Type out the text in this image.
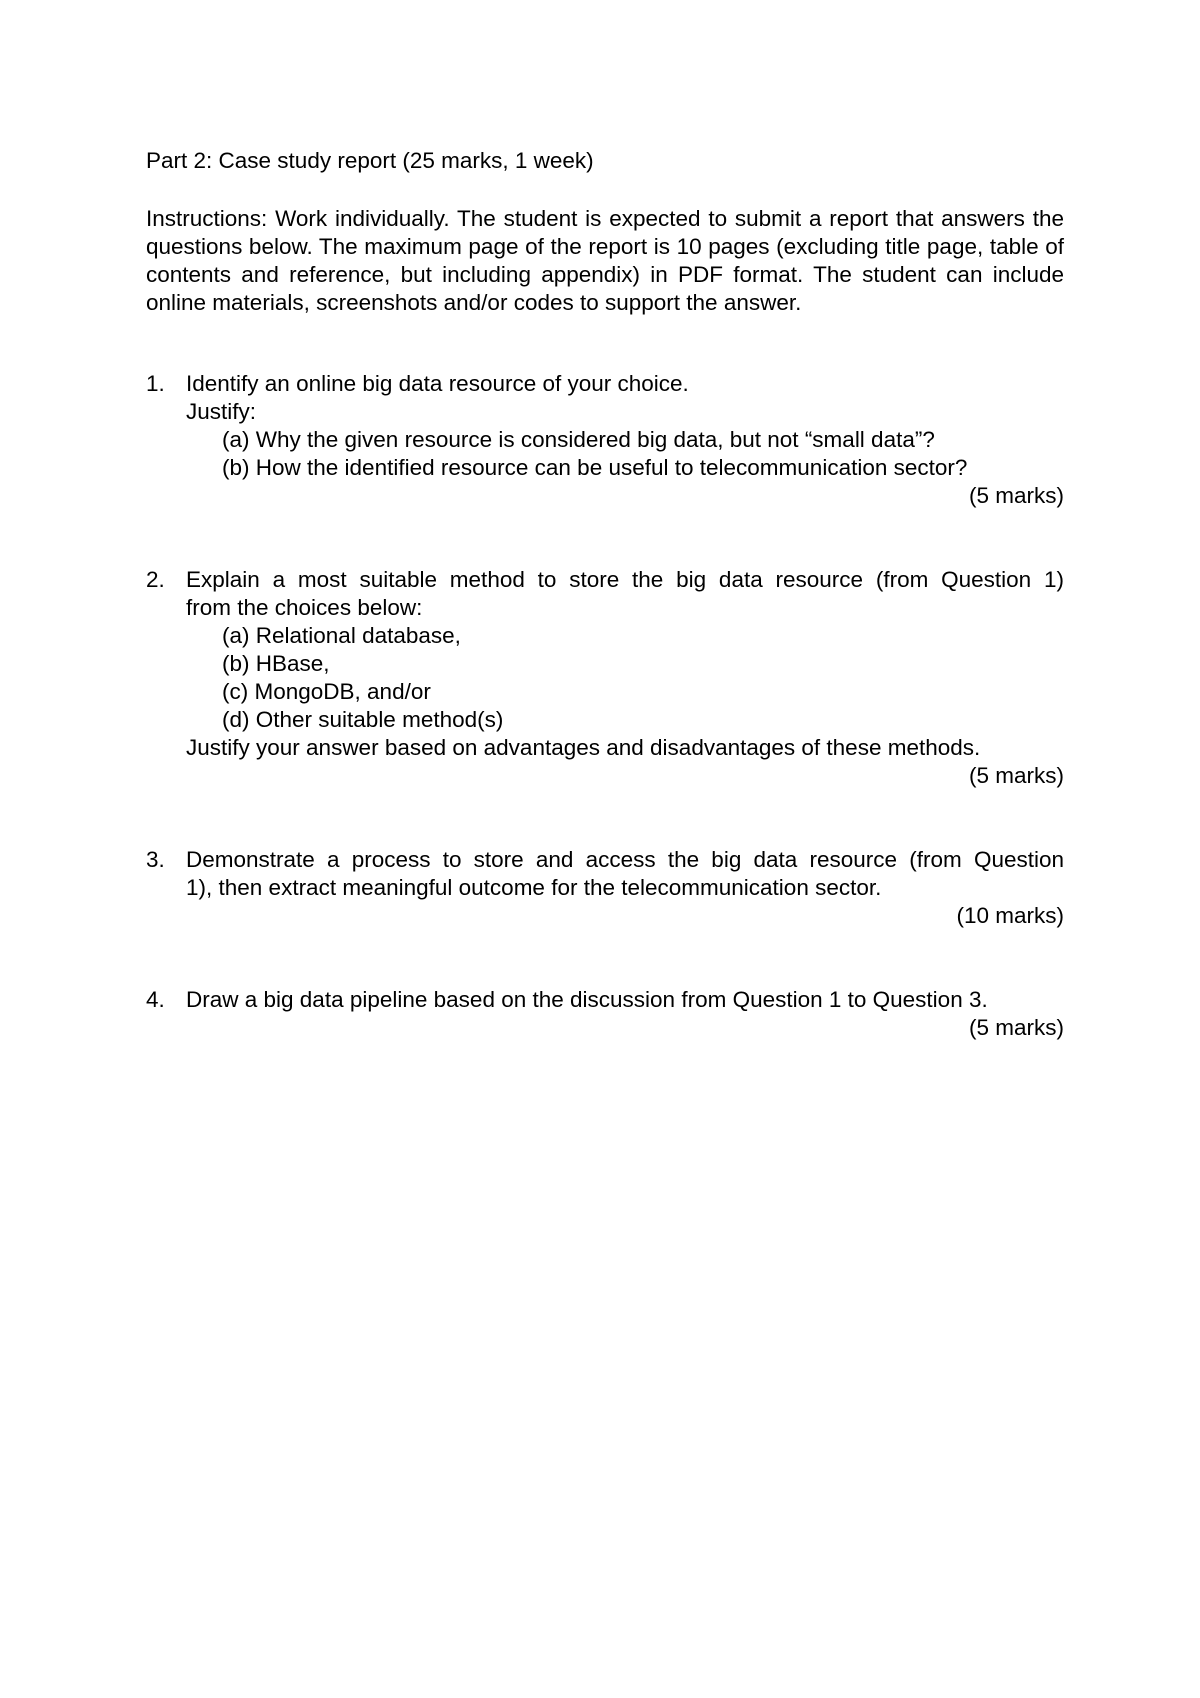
Part 2: Case study report (25 marks, 1 week)
Instructions: Work individually. The student is expected to submit a report that answers the questions below. The maximum page of the report is 10 pages (excluding title page, table of contents and reference, but including appendix) in PDF format. The student can include online materials, screenshots and/or codes to support the answer.
1. Identify an online big data resource of your choice.
Justify:
(a) Why the given resource is considered big data, but not “small data”?
(b) How the identified resource can be useful to telecommunication sector?
(5 marks)
2. Explain a most suitable method to store the big data resource (from Question 1)
from the choices below:
(a) Relational database,
(b) HBase,
(c) MongoDB, and/or
(d) Other suitable method(s)
Justify your answer based on advantages and disadvantages of these methods.
(5 marks)
3. Demonstrate a process to store and access the big data resource (from Question
1), then extract meaningful outcome for the telecommunication sector.
(10 marks)
4. Draw a big data pipeline based on the discussion from Question 1 to Question 3.
(5 marks)
